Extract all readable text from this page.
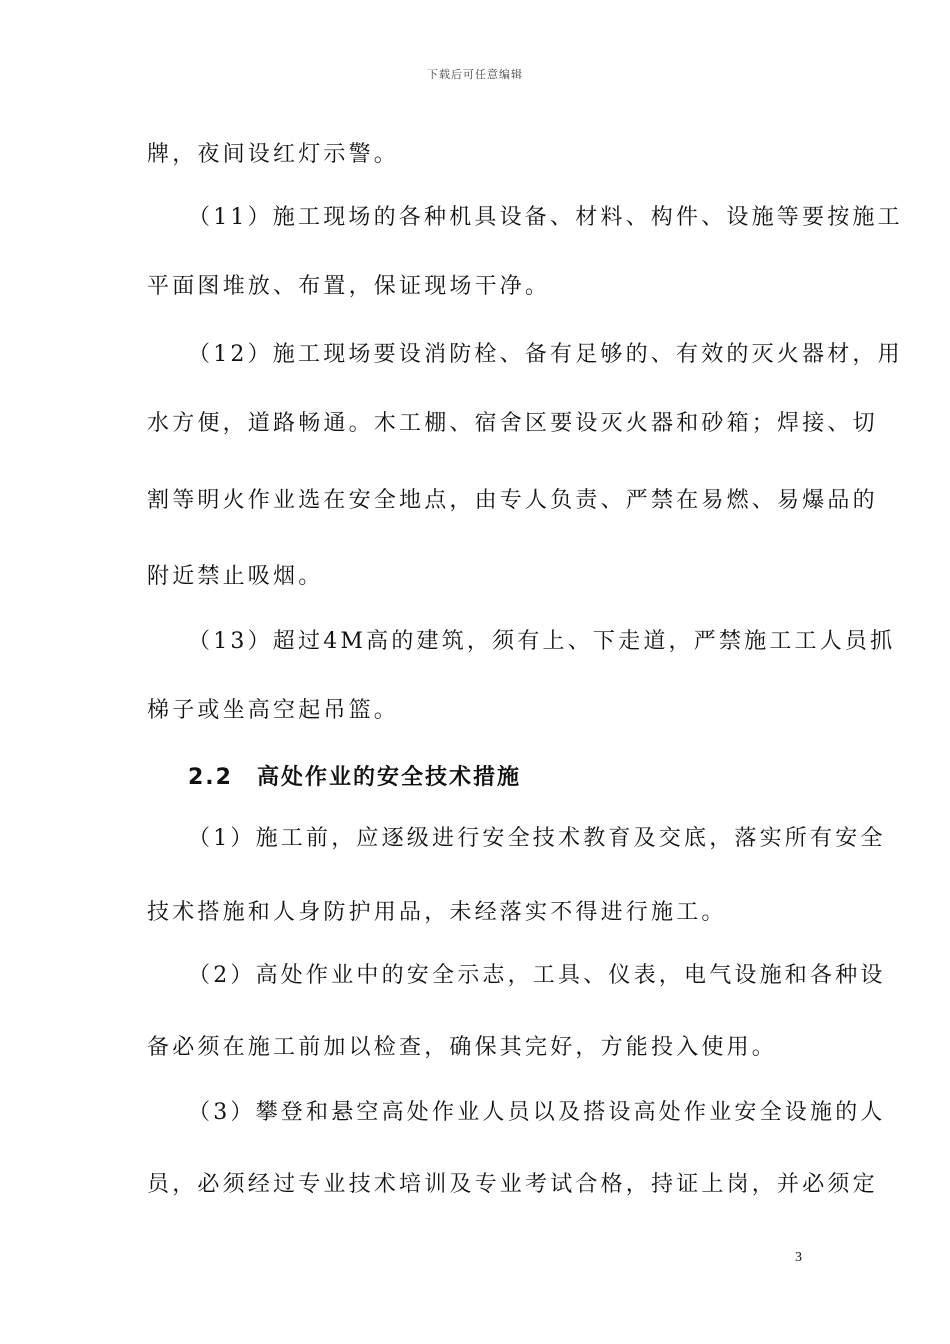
下载后可任意编辑
牌，夜间设红灯示警。
（11）施工现场的各种机具设备、材料、构件、设施等要按施工
平面图堆放、布置，保证现场干净。
（12）施工现场要设消防栓、备有足够的、有效的灭火器材，用
水方便，道路畅通。木工棚、宿舍区要设灭火器和砂箱；焊接、切
割等明火作业选在安全地点，由专人负责、严禁在易燃、易爆品的
附近禁止吸烟。
（13）超过4M高的建筑，须有上、下走道，严禁施工工人员抓
梯子或坐高空起吊篮。
2.2 高处作业的安全技术措施
（1）施工前，应逐级进行安全技术教育及交底，落实所有安全
技术搭施和人身防护用品，未经落实不得进行施工。
（2）高处作业中的安全示志，工具、仪表，电气设施和各种设
备必须在施工前加以检查，确保其完好，方能投入使用。
（3）攀登和悬空高处作业人员以及搭设高处作业安全设施的人
员，必须经过专业技术培训及专业考试合格，持证上岗，并必须定
3
